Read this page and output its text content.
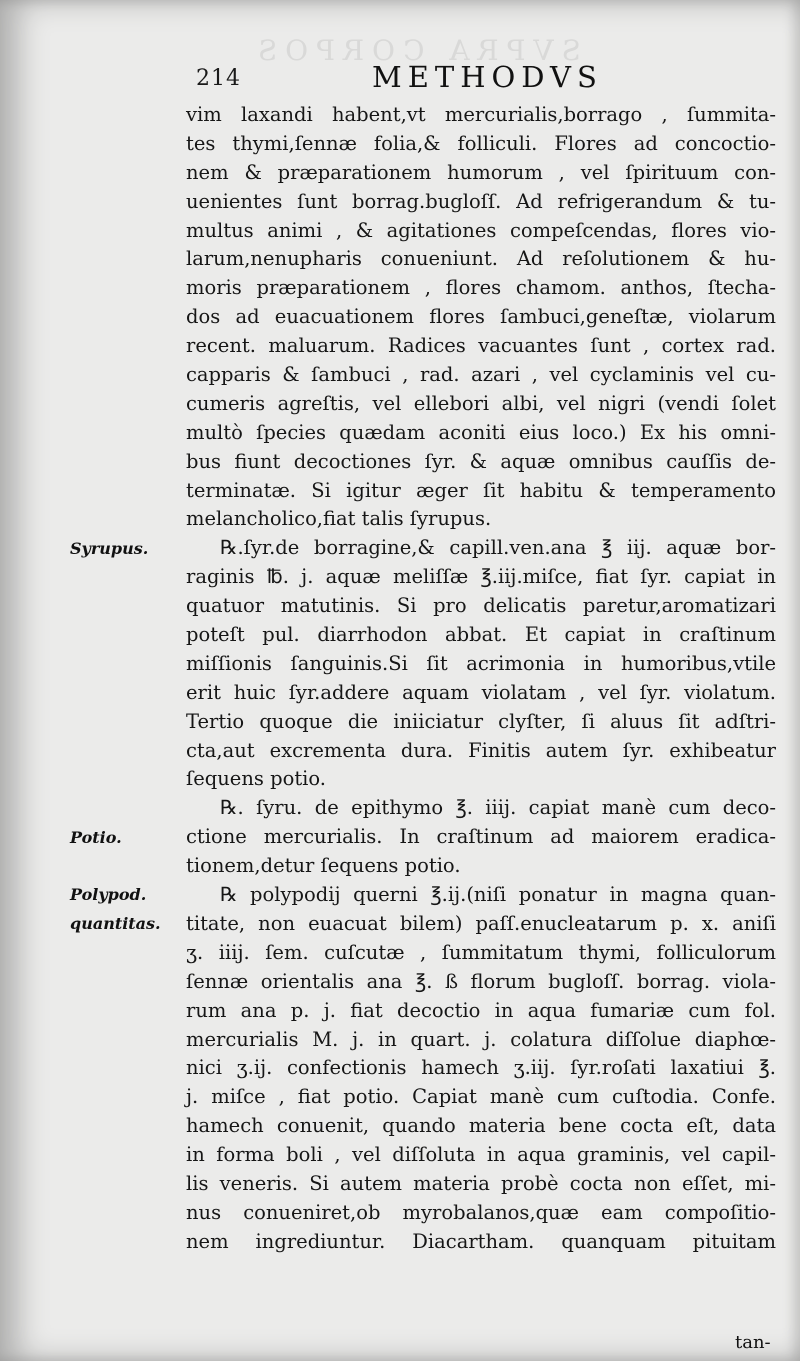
SVPRA CORPOS
214	METHODVS
vim laxandi habent,vt mercurialis,borrago , ſummita-
tes thymi,ſennæ folia,& folliculi. Flores ad concoctio-
nem & præparationem humorum , vel ſpirituum con-
uenientes ſunt borrag.bugloſſ. Ad refrigerandum & tu-
multus animi , & agitationes compeſcendas, flores vio-
larum,nenupharis conueniunt. Ad reſolutionem & hu-
moris præparationem , flores chamom. anthos, ſtecha-
dos ad euacuationem flores ſambuci,geneſtæ, violarum
recent. maluarum. Radices vacuantes ſunt , cortex rad.
capparis & ſambuci , rad. azari , vel cyclaminis vel cu-
cumeris agreſtis, vel ellebori albi, vel nigri (vendi ſolet
multò ſpecies quædam aconiti eius loco.) Ex his omni-
bus fiunt decoctiones ſyr. & aquæ omnibus cauſſis de-
terminatæ. Si igitur æger ſit habitu & temperamento
melancholico,fiat talis ſyrupus.
℞.ſyr.de borragine,& capill.ven.ana ℥ iij. aquæ bor-
raginis ℔. j. aquæ meliſſæ ℥.iij.miſce, fiat ſyr. capiat in
quatuor matutinis. Si pro delicatis paretur,aromatizari
poteſt pul. diarrhodon abbat. Et capiat in craſtinum
miſſionis ſanguinis.Si ſit acrimonia in humoribus,vtile
erit huic ſyr.addere aquam violatam , vel ſyr. violatum.
Tertio quoque die iniiciatur clyſter, ſi aluus ſit adſtri-
cta,aut excrementa dura. Finitis autem ſyr. exhibeatur
ſequens potio.
℞. ſyru. de epithymo ℥. iiij. capiat manè cum deco-
ctione mercurialis. In craſtinum ad maiorem eradica-
tionem,detur ſequens potio.
℞ polypodij querni ℥.ij.(niſi ponatur in magna quan-
titate, non euacuat bilem) paſſ.enucleatarum p. x. aniſi
ʒ. iiij. ſem. cuſcutæ , ſummitatum thymi, folliculorum
ſennæ orientalis ana ℥. ß florum bugloſſ. borrag. viola-
rum ana p. j. fiat decoctio in aqua fumariæ cum fol.
mercurialis M. j. in quart. j. colatura diſſolue diaphœ-
nici ʒ.ij. confectionis hamech ʒ.iij. ſyr.roſati laxatiui ℥.
j. miſce , fiat potio. Capiat manè cum cuſtodia. Confe.
hamech conuenit, quando materia bene cocta eſt, data
in forma boli , vel diſſoluta in aqua graminis, vel capil-
lis veneris. Si autem materia probè cocta non eſſet, mi-
nus conueniret,ob myrobalanos,quæ eam compoſitio-
nem ingrediuntur. Diacartham. quanquam pituitam
Syrupus.
Potio.
Polypod.
quantitas.
tan-
